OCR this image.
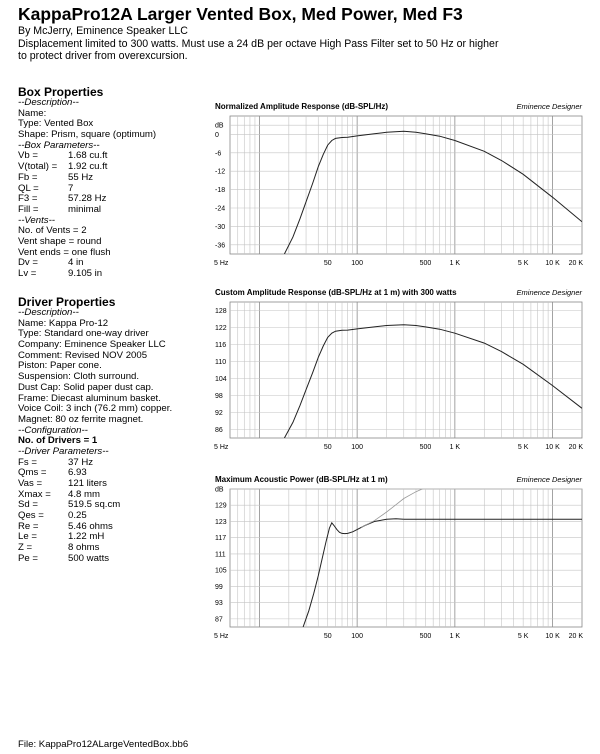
KappaPro12A Larger Vented Box, Med Power, Med F3
By McJerry, Eminence Speaker LLC
Displacement limited to 300 watts. Must use a 24 dB per octave High Pass Filter set to 50 Hz or higher
to protect driver from overexcursion.
Box Properties
--Description--
Name:
Type: Vented Box
Shape: Prism, square (optimum)
--Box Parameters--
Vb =	1.68 cu.ft
V(total) = 1.92 cu.ft
Fb =	55 Hz
QL =	7
F3 =	57.28 Hz
Fill =	minimal
--Vents--
No. of Vents = 2
Vent shape = round
Vent ends = one flush
Dv =	4 in
Lv =	9.105 in
Driver Properties
--Description--
Name: Kappa Pro-12
Type: Standard one-way driver
Company: Eminence Speaker LLC
Comment: Revised NOV 2005
Piston: Paper cone.
Suspension: Cloth surround.
Dust Cap: Solid paper dust cap.
Frame: Diecast aluminum basket.
Voice Coil: 3 inch (76.2 mm) copper.
Magnet: 80 oz ferrite magnet.
--Configuration--
No. of Drivers = 1
--Driver Parameters--
Fs =	37 Hz
Qms = 6.93
Vas =	121 liters
Xmax = 4.8 mm
Sd =	519.5 sq.cm
Qes =	0.25
Re =	5.46 ohms
Le =	1.22 mH
Z =	8 ohms
Pe =	500 watts
Normalized Amplitude Response (dB-SPL/Hz)	Eminence Designer
dB
0
-6
-12
-18
-24
-30
-36
5 Hz	50	100	500	1 K	5 K 10 K 20 K
Custom Amplitude Response (dB-SPL/Hz at 1 m) with 300 watts	Eminence Designer
128
122
116
110
104
98
92
86
5 Hz	50	100	500	1 K	5 K 10 K 20 K
Maximum Acoustic Power (dB-SPL/Hz at 1 m)	Eminence Designer
dB
129
123
117
111
105
99
93
87
5 Hz	50	100	500	1 K	5 K 10 K 20 K
File: KappaPro12ALargeVentedBox.bb6
